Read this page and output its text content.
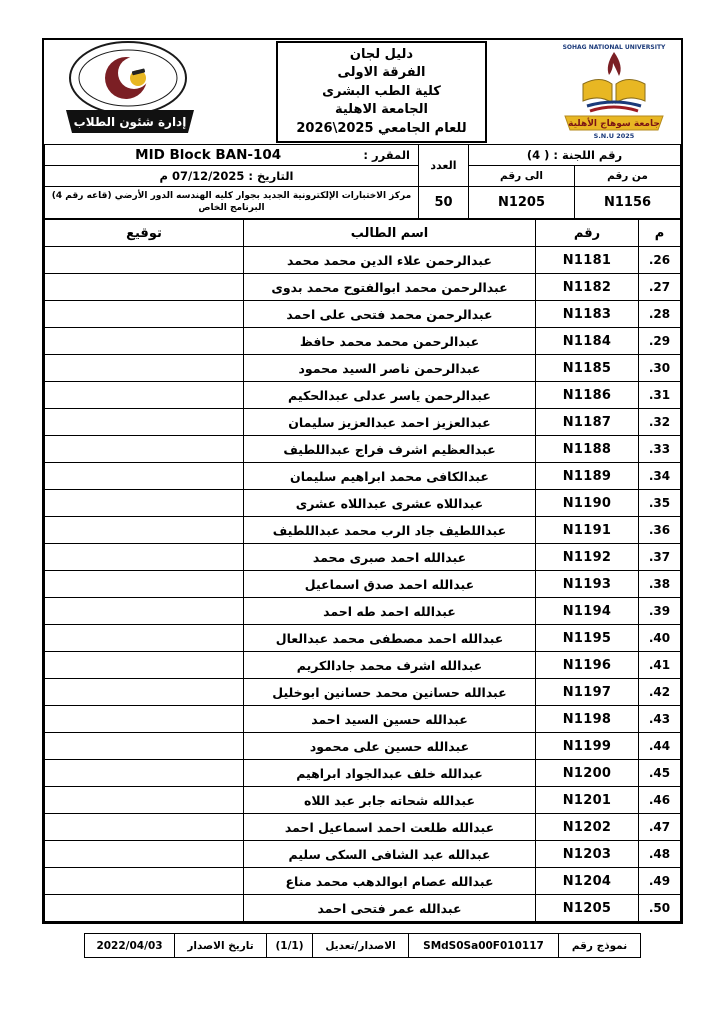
إدارة شئون الطلاب
دليل لجان
الفرقة الاولى
كلية الطب البشرى
الجامعة الاهلية
للعام الجامعي 2025\2026
SOHAG NATIONAL UNIVERSITY
جامعة سوهاج الأهلية
S.N.U 2025
رقم اللجنة : ( 4)		العدد	المقرر :
MID Block BAN-104

من رقم	الى رقم		التاريخ : 07/12/2025 م
N1156	N1205	50	مركز الاختبارات الإلكترونية الجديد بجوار كليه الهندسه الدور الأرضي (قاعه رقم 4) البرنامج الخاص
م	رقم	اسم الطالب	توقيع
26.	N1181	عبدالرحمن علاء الدين محمد محمد	
27.	N1182	عبدالرحمن محمد ابوالفتوح محمد بدوى	
28.	N1183	عبدالرحمن محمد فتحى على احمد	
29.	N1184	عبدالرحمن محمد محمد حافظ	
30.	N1185	عبدالرحمن ناصر السيد محمود	
31.	N1186	عبدالرحمن ياسر عدلى عبدالحكيم	
32.	N1187	عبدالعزيز احمد عبدالعزيز سليمان	
33.	N1188	عبدالعظيم اشرف فراج عبداللطيف	
34.	N1189	عبدالكافى محمد ابراهيم سليمان	
35.	N1190	عبداللاه عشرى عبداللاه عشرى	
36.	N1191	عبداللطيف جاد الرب محمد عبداللطيف	
37.	N1192	عبدالله احمد صبرى محمد	
38.	N1193	عبدالله احمد صدق اسماعيل	
39.	N1194	عبدالله احمد طه احمد	
40.	N1195	عبدالله احمد مصطفى محمد عبدالعال	
41.	N1196	عبدالله اشرف محمد جادالكريم	
42.	N1197	عبدالله حسانين محمد حسانين ابوخليل	
43.	N1198	عبدالله حسين السيد احمد	
44.	N1199	عبدالله حسين على محمود	
45.	N1200	عبدالله خلف عبدالجواد ابراهيم	
46.	N1201	عبدالله شحاته جابر عبد اللاه	
47.	N1202	عبدالله طلعت احمد اسماعيل احمد	
48.	N1203	عبدالله عبد الشافى السكى سليم	
49.	N1204	عبدالله عصام ابوالدهب محمد مناع	
50.	N1205	عبدالله عمر فتحى احمد	
نموذج رقم	SMdS0Sa00F010117	الاصدار/تعديل	(1/1)	تاريخ الاصدار	2022/04/03
